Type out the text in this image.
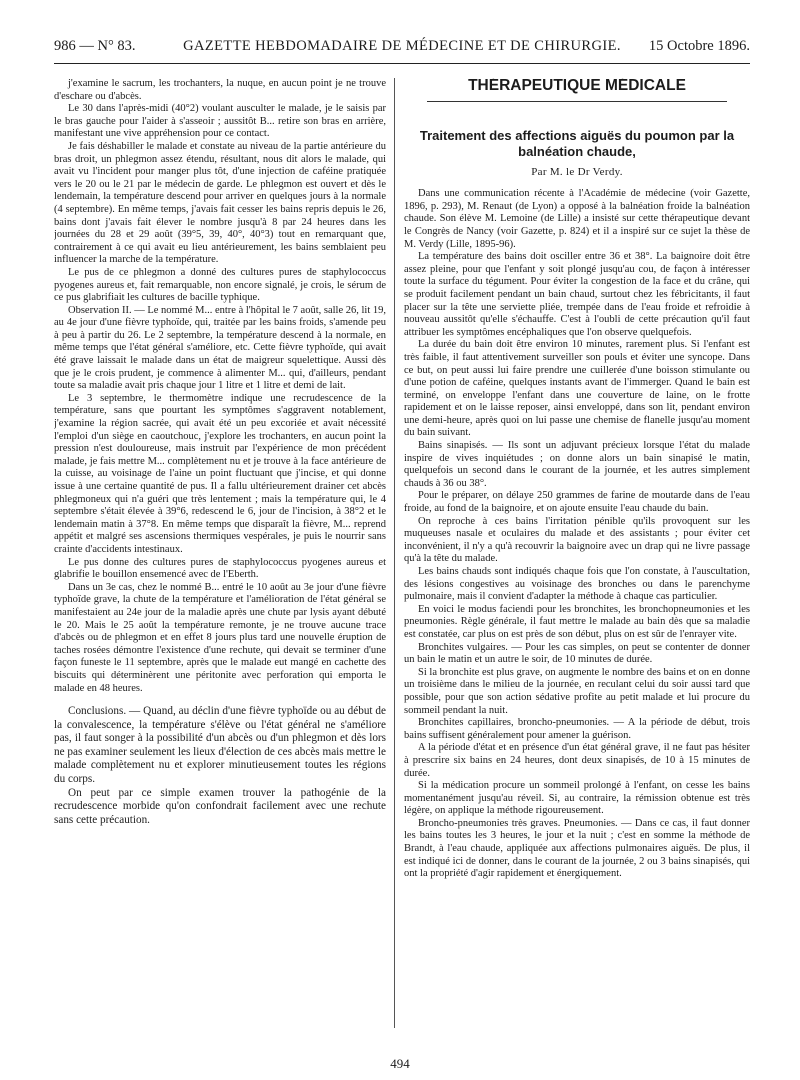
986 — N° 83.	GAZETTE HEBDOMADAIRE DE MÉDECINE ET DE CHIRURGIE.	15 Octobre 1896.

j'examine le sacrum, les trochanters, la nuque, en aucun point je ne trouve d'eschare ou d'abcès.

Le 30 dans l'après-midi (40°2) voulant ausculter le malade, je le saisis par le bras gauche pour l'aider à s'asseoir ; aussitôt B... retire son bras en arrière, manifestant une vive appréhension pour ce contact.

Je fais déshabiller le malade et constate au niveau de la partie antérieure du bras droit, un phlegmon assez étendu, résultant, nous dit alors le malade, qui avait vu l'incident pour manger plus tôt, d'une injection de caféine pratiquée vers le 20 ou le 21 par le médecin de garde. Le phlegmon est ouvert et dès le lendemain, la température descend pour arriver en quelques jours à la normale (4 septembre). En même temps, j'avais fait cesser les bains repris depuis le 26, bains dont j'avais fait élever le nombre jusqu'à 8 par 24 heures dans les journées du 28 et 29 août (39°5, 39, 40°, 40°3) tout en remarquant que, contrairement à ce qui avait eu lieu antérieurement, les bains semblaient peu influencer la marche de la température.

Le pus de ce phlegmon a donné des cultures pures de staphylococcus pyogenes aureus et, fait remarquable, non encore signalé, je crois, le sérum de ce pus glabrifiait les cultures de bacille typhique.

Observation II. — Le nommé M... entre à l'hôpital le 7 août, salle 26, lit 19, au 4e jour d'une fièvre typhoïde, qui, traitée par les bains froids, s'amende peu à peu à partir du 26. Le 2 septembre, la température descend à la normale, en même temps que l'état général s'améliore, etc. Cette fièvre typhoïde, qui avait été grave laissait le malade dans un état de maigreur squelettique. Aussi dès que je le crois prudent, je commence à alimenter M... qui, d'ailleurs, pendant toute sa maladie avait pris chaque jour 1 litre et 1 litre et demi de lait.

Le 3 septembre, le thermomètre indique une recrudescence de la température, sans que pourtant les symptômes s'aggravent notablement, j'examine la région sacrée, qui avait été un peu excoriée et avait nécessité l'emploi d'un siège en caoutchouc, j'explore les trochanters, en aucun point la pression n'est douloureuse, mais instruit par l'expérience de mon précédent malade, je fais mettre M... complètement nu et je trouve à la face antérieure de la cuisse, au voisinage de l'aine un point fluctuant que j'incise, et qui donne issue à une certaine quantité de pus. Il a fallu ultérieurement drainer cet abcès phlegmoneux qui n'a guéri que très lentement ; mais la température qui, le 4 septembre s'était élevée à 39°6, redescend le 6, jour de l'incision, à 38°2 et le lendemain matin à 37°8. En même temps que disparaît la fièvre, M... reprend appétit et malgré ses ascensions thermiques vespérales, je puis le nourrir sans crainte d'accidents intestinaux.

Le pus donne des cultures pures de staphylococcus pyogenes aureus et glabrifie le bouillon ensemencé avec de l'Eberth.

Dans un 3e cas, chez le nommé B... entré le 10 août au 3e jour d'une fièvre typhoïde grave, la chute de la température et l'amélioration de l'état général se manifestaient au 24e jour de la maladie après une chute par lysis ayant débuté le 20. Mais le 25 août la température remonte, je ne trouve aucune trace d'abcès ou de phlegmon et en effet 8 jours plus tard une nouvelle éruption de taches rosées démontre l'existence d'une rechute, qui devait se terminer d'une façon funeste le 11 septembre, après que le malade eut mangé en cachette des biscuits qui déterminèrent une péritonite avec perforation qui emporta le malade en 48 heures.

Conclusions. — Quand, au déclin d'une fièvre typhoïde ou au début de la convalescence, la température s'élève ou l'état général ne s'améliore pas, il faut songer à la possibilité d'un abcès ou d'un phlegmon et dès lors ne pas examiner seulement les lieux d'élection de ces abcès mais mettre le malade complètement nu et explorer minutieusement toutes les régions du corps.

On peut par ce simple examen trouver la pathogénie de la recrudescence morbide qu'on confondrait facilement avec une rechute sans cette précaution.

THÉRAPEUTIQUE MÉDICALE
Traitement des affections aiguës du poumon par la balnéation chaude,
Par M. le Dr Verdy.

Dans une communication récente à l'Académie de médecine (voir Gazette, 1896, p. 293), M. Renaut (de Lyon) a opposé à la balnéation froide la balnéation chaude. Son élève M. Lemoine (de Lille) a insisté sur cette thérapeutique devant le Congrès de Nancy (voir Gazette, p. 824) et il a inspiré sur ce sujet la thèse de M. Verdy (Lille, 1895-96).

La température des bains doit osciller entre 36 et 38°. La baignoire doit être assez pleine, pour que l'enfant y soit plongé jusqu'au cou, de façon à intéresser toute la surface du tégument. Pour éviter la congestion de la face et du crâne, qui se produit facilement pendant un bain chaud, surtout chez les fébricitants, il faut placer sur la tête une serviette pliée, trempée dans de l'eau froide et refroidie à nouveau aussitôt qu'elle s'échauffe. C'est à l'oubli de cette précaution qu'il faut attribuer les symptômes encéphaliques que l'on observe quelquefois.

La durée du bain doit être environ 10 minutes, rarement plus. Si l'enfant est très faible, il faut attentivement surveiller son pouls et éviter une syncope. Dans ce but, on peut aussi lui faire prendre une cuillerée d'une boisson stimulante ou d'une potion de caféine, quelques instants avant de l'immerger. Quand le bain est terminé, on enveloppe l'enfant dans une couverture de laine, on le frotte rapidement et on le laisse reposer, ainsi enveloppé, dans son lit, pendant environ une demi-heure, après quoi on lui passe une chemise de flanelle jusqu'au moment du bain suivant.

Bains sinapisés. — Ils sont un adjuvant précieux lorsque l'état du malade inspire de vives inquiétudes ; on donne alors un bain sinapisé le matin, quelquefois un second dans le courant de la journée, et les autres simplement chauds à 36 ou 38°.

Pour le préparer, on délaye 250 grammes de farine de moutarde dans de l'eau froide, au fond de la baignoire, et on ajoute ensuite l'eau chaude du bain.

On reproche à ces bains l'irritation pénible qu'ils provoquent sur les muqueuses nasale et oculaires du malade et des assistants ; pour éviter cet inconvénient, il n'y a qu'à recouvrir la baignoire avec un drap qui ne livre passage qu'à la tête du malade.

Les bains chauds sont indiqués chaque fois que l'on constate, à l'auscultation, des lésions congestives au voisinage des bronches ou dans le parenchyme pulmonaire, mais il convient d'adapter la méthode à chaque cas particulier.

En voici le modus faciendi pour les bronchites, les bronchopneumonies et les pneumonies. Règle générale, il faut mettre le malade au bain dès que sa maladie est constatée, car plus on est près de son début, plus on est sûr de l'enrayer vite.

Bronchites vulgaires. — Pour les cas simples, on peut se contenter de donner un bain le matin et un autre le soir, de 10 minutes de durée.

Si la bronchite est plus grave, on augmente le nombre des bains et on en donne un troisième dans le milieu de la journée, en reculant celui du soir aussi tard que possible, pour que son action sédative profite au petit malade et lui procure du sommeil pendant la nuit.

Bronchites capillaires, broncho-pneumonies. — A la période de début, trois bains suffisent généralement pour amener la guérison.

A la période d'état et en présence d'un état général grave, il ne faut pas hésiter à prescrire six bains en 24 heures, dont deux sinapisés, de 10 à 15 minutes de durée.

Si la médication procure un sommeil prolongé à l'enfant, on cesse les bains momentanément jusqu'au réveil. Si, au contraire, la rémission obtenue est très légère, on applique la méthode rigoureusement.

Broncho-pneumonies très graves. Pneumonies. — Dans ce cas, il faut donner les bains toutes les 3 heures, le jour et la nuit ; c'est en somme la méthode de Brandt, à l'eau chaude, appliquée aux affections pulmonaires aiguës. De plus, il est indiqué ici de donner, dans le courant de la journée, 2 ou 3 bains sinapisés, qui ont la propriété d'agir rapidement et énergiquement.

494
